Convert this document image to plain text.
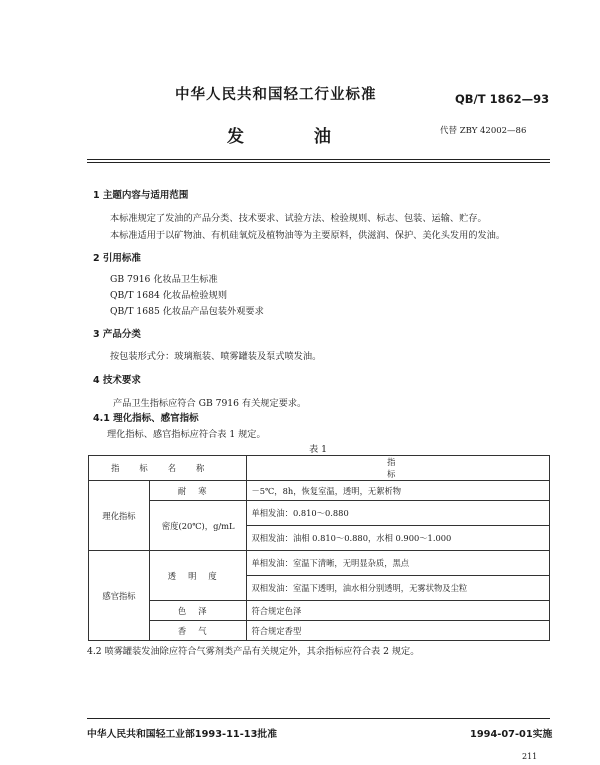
中华人民共和国轻工行业标准	QB/T 1862—93
发 油	代替 ZBY 42002—86
1 主题内容与适用范围
本标准规定了发油的产品分类、技术要求、试验方法、检验规则、标志、包装、运输、贮存。
本标准适用于以矿物油、有机硅氧烷及植物油等为主要原料，供滋润、保护、美化头发用的发油。
2 引用标准
GB 7916 化妆品卫生标准
QB/T 1684 化妆品检验规则
QB/T 1685 化妆品产品包装外观要求
3 产品分类
按包装形式分：玻璃瓶装、喷雾罐装及泵式喷发油。
4 技术要求
产品卫生指标应符合 GB 7916 有关规定要求。
4.1 理化指标、感官指标
理化指标、感官指标应符合表 1 规定。
表 1
指标名称		指标
理化指标	耐寒	－5℃，8h，恢复室温，透明，无絮析物
	密度(20℃)，g/mL	单相发油：0.810～0.880
		双相发油：油相 0.810～0.880，水相 0.900～1.000
感官指标	透明度	单相发油：室温下清晰，无明显杂质，黑点
		双相发油：室温下透明，油水相分别透明，无雾状物及尘粒
	色泽	符合规定色泽
	香气	符合规定香型
4.2 喷雾罐装发油除应符合气雾剂类产品有关规定外，其余指标应符合表 2 规定。
中华人民共和国轻工业部1993-11-13批准	1994-07-01实施
211
